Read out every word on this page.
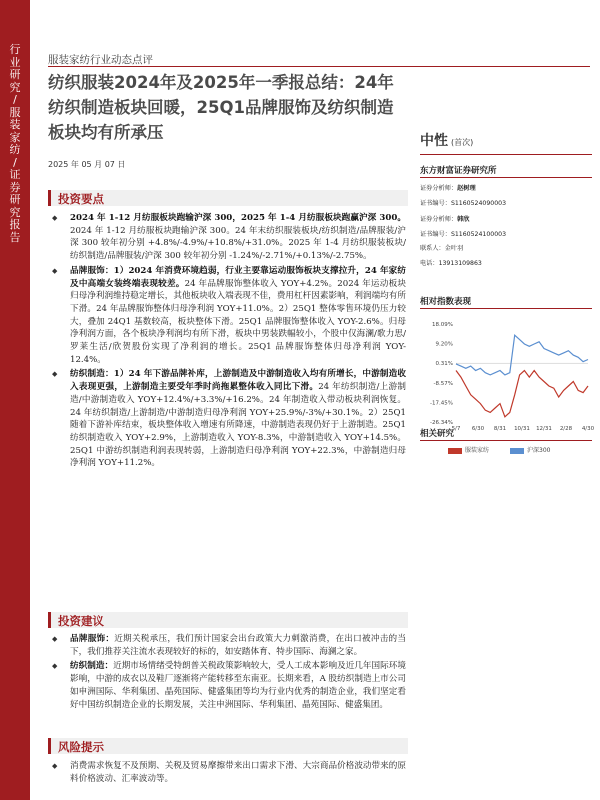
行业研究 / 服装家纺 / 证券研究报告
服装家纺行业动态点评
纺织服装2024年及2025年一季报总结：24年纺织制造板块回暖，25Q1品牌服饰及纺织制造板块均有所承压
2025 年 05 月 07 日
中性 (首次)
东方财富证券研究所
证券分析师：赵树理
证书编号：S1160524090003
证券分析师：韩欣
证书编号：S1160524100003
联系人：金叶羽
电话：13913109863
相对指数表现
18.09%
9.20%
0.31%
-8.57%
-17.45%
-26.34%
5/7 6/30 8/31 10/31 12/31 2/28 4/30
服装家纺	沪深300
相关研究
投资要点
◆ 2024 年 1-12 月纺服板块跑输沪深 300，2025 年 1-4 月纺服板块跑赢沪深 300。2024 年 1-12 月纺服板块跑输沪深 300。24 年末纺织服装板块/纺织制造/品牌服装/沪深 300 较年初分别 +4.8%/-4.9%/+10.8%/+31.0%。2025 年 1-4 月纺织服装板块/纺织制造/品牌服装/沪深 300 较年初分别 -1.24%/-2.71%/+0.13%/-2.75%。
◆ 品牌服饰：1）2024 年消费环境趋弱，行业主要靠运动服饰板块支撑拉升，24 年家纺及中高端女装终端表现较差。24 年品牌服饰整体收入 YOY+4.2%。2024 年运动板块归母净利润维持稳定增长，其他板块收入端表现不佳，费用杠杆因素影响，利润端均有所下滑。24 年品牌服饰整体归母净利润 YOY+11.0%。2）25Q1 整体零售环境仍压力较大，叠加 24Q1 基数较高，板块整体下滑。25Q1 品牌服饰整体收入 YOY-2.6%。归母净利润方面，各个板块净利润均有所下滑，板块中男装跌幅较小，个股中仅海澜/歌力思/罗莱生活/欣贺股份实现了净利润的增长。25Q1 品牌服饰整体归母净利润 YOY-12.4%。
◆ 纺织制造：1）24 年下游品牌补库，上游制造及中游制造收入均有所增长，中游制造收入表现更强，上游制造主要受年季时尚拖累整体收入同比下滑。24 年纺织制造/上游制造/中游制造收入 YOY+12.4%/+3.3%/+16.2%。24 年制造收入带动板块利润恢复。24 年纺织制造/上游制造/中游制造归母净利润 YOY+25.9%/-3%/+30.1%。2）25Q1 随着下游补库结束，板块整体收入增速有所降速，中游制造表现仍好于上游制造。25Q1 纺织制造收入 YOY+2.9%，上游制造收入 YOY-8.3%，中游制造收入 YOY+14.5%。25Q1 中游纺织制造利润表现转弱，上游制造归母净利润 YOY+22.3%，中游制造归母净利润 YOY+11.2%。
投资建议
◆ 品牌服饰：近期关税承压，我们预计国家会出台政策大力刺激消费，在出口被冲击的当下，我们推荐关注流水表现较好的标的，如安踏体育、特步国际、海澜之家。
◆ 纺织制造：近期市场情绪受特朗普关税政策影响较大，受人工成本影响及近几年国际环境影响，中游的成衣以及鞋厂逐渐将产能转移至东南亚。长期来看，A 股纺织制造上市公司如申洲国际、华利集团、晶苑国际、健盛集团等均为行业内优秀的制造企业，我们坚定看好中国纺织制造企业的长期发展，关注申洲国际、华利集团、晶苑国际、健盛集团。
风险提示
◆ 消费需求恢复不及预期、关税及贸易摩擦带来出口需求下滑、大宗商品价格波动带来的原料价格波动、汇率波动等。
